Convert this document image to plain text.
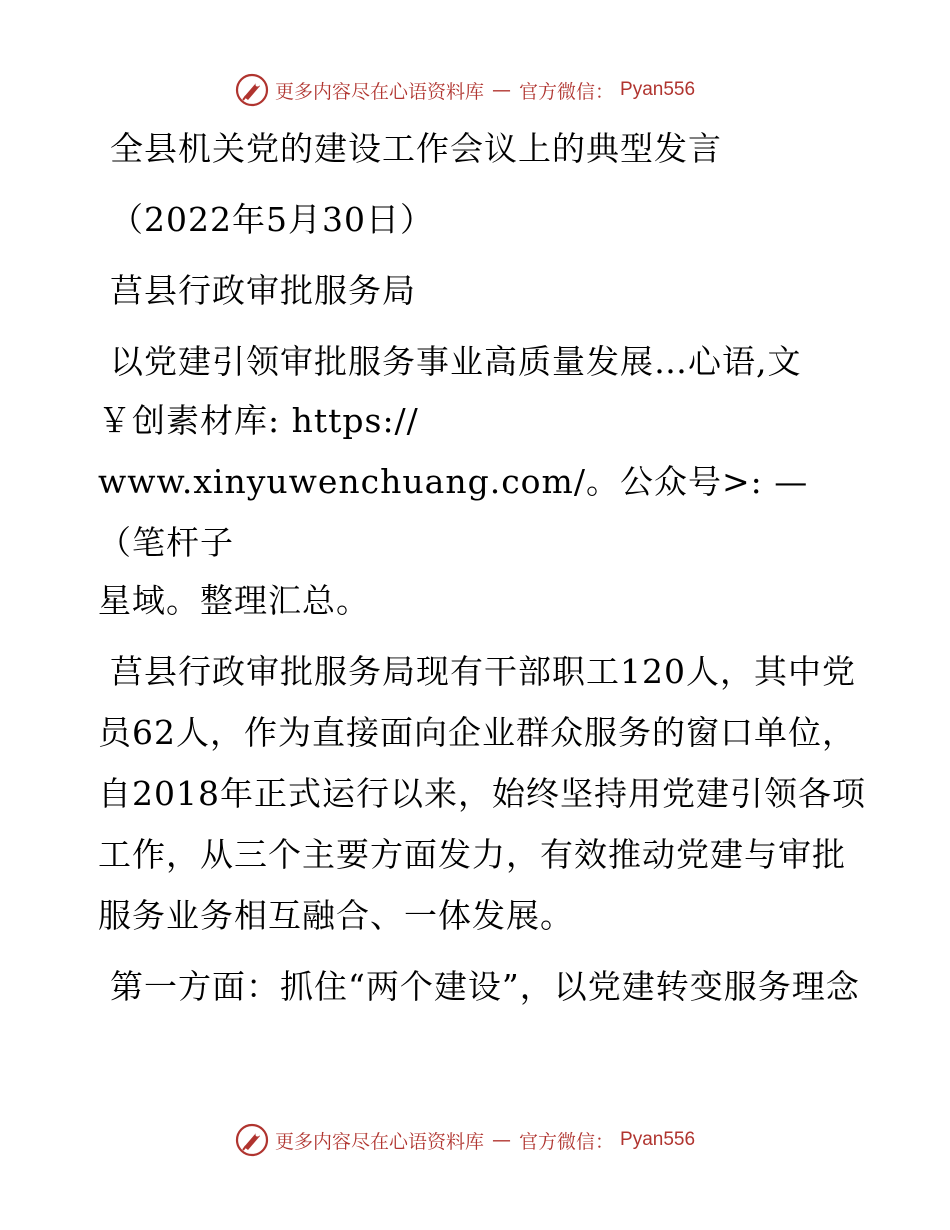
更多内容尽在心语资料库 — 官方微信： Pyan556

全县机关党的建设工作会议上的典型发言

（2022年5月30日）

莒县行政审批服务局

以党建引领审批服务事业高质量发展…心语,文

￥创素材库: https://

www.xinyuwenchuang.com/。公众号>: —（笔杆子

星域。整理汇总。

莒县行政审批服务局现有干部职工120人，其中党员62人，作为直接面向企业群众服务的窗口单位，自2018年正式运行以来，始终坚持用党建引领各项工作，从三个主要方面发力，有效推动党建与审批服务业务相互融合、一体发展。

第一方面：抓住“两个建设”，以党建转变服务理念

更多内容尽在心语资料库 — 官方微信： Pyan556
